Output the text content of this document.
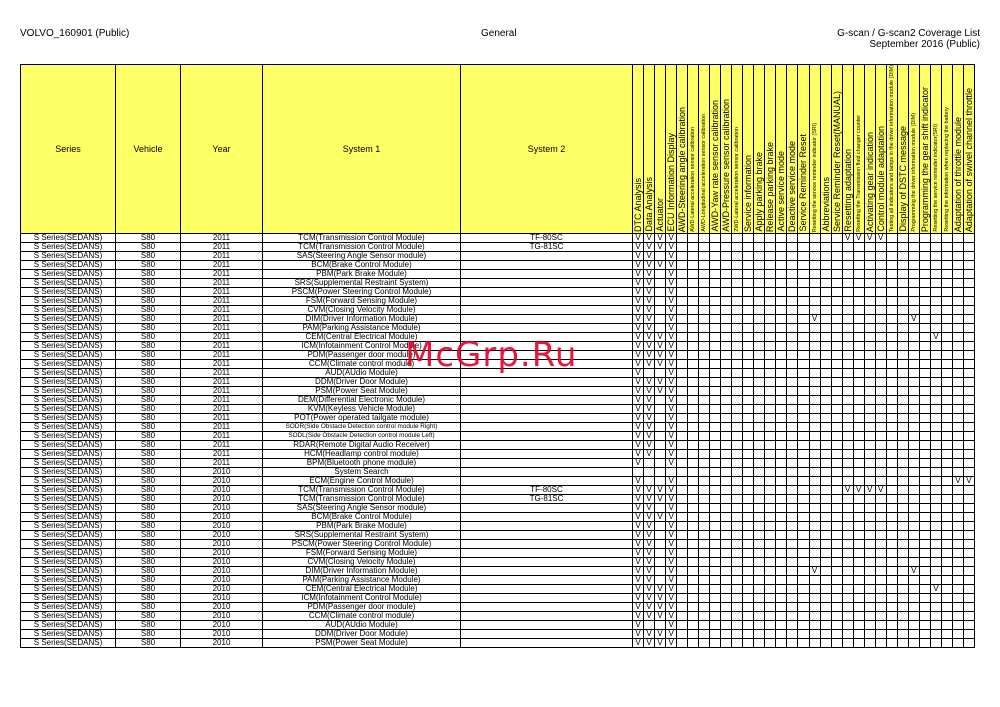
VOLVO_160901 (Public)	General	G-scan / G-scan2 Coverage List
September 2016 (Public)
Series	Vehicle	Year	System 1	System 2	DTC Analysis	Data Analysis	Actuator	ECU Information Display	AWD-Steering angle calibration	AWD-Lateral acceleration sensor calibration	AWD-Longitudinal acceleration sensor calibration	AWD-Yaw rate sensor calibration	AWD-Pressure sensor calibration	2WD-Lateral acceleration sensor calibration	Service information	Apply parking brake	Release parking brake	Active service mode	Deactive service mode	Service Reminder Reset	Resetting the service reminder indicator (SRI)	Abbreviations	Service Reminder Reset(MANUAL)	Resetting adaptation	Resetting the Transmission fluid changer counter	Activating gear indication	Control module adaptation	Testing all indicators and lamps in the driver information module (DIM)	Display of DSTC message	Programming the driver information module (DIM)	Programming the gear shift indicator	Resetting the service reminder indicator(SRI)	Resetting the information when replacing the battery	Adaptation of throttle module	Adaptation of swivel channel throttle
S Series(SEDANS)	S80	2011	TCM(Transmission Control Module)	TF-80SC	V	V	V	V																V	V	V	V								
S Series(SEDANS)	S80	2011	TCM(Transmission Control Module)	TG-81SC	V	V	V	V																											
S Series(SEDANS)	S80	2011	SAS(Steering Angle Sensor module)		V	V		V																											
S Series(SEDANS)	S80	2011	BCM(Brake Control Module)		V	V	V	V																											
S Series(SEDANS)	S80	2011	PBM(Park Brake Module)		V	V		V																											
S Series(SEDANS)	S80	2011	SRS(Supplemental Restraint System)		V	V		V																											
S Series(SEDANS)	S80	2011	PSCM(Power Steering Control Module)		V	V		V																											
S Series(SEDANS)	S80	2011	FSM(Forward Sensing Module)		V	V		V																											
S Series(SEDANS)	S80	2011	CVM(Closing Velocity Module)		V	V		V																											
S Series(SEDANS)	S80	2011	DIM(Driver Information Module)		V	V		V													V									V					
S Series(SEDANS)	S80	2011	PAM(Parking Assistance Module)		V	V		V																											
S Series(SEDANS)	S80	2011	CEM(Central Electrical Module)		V	V	V	V																								V			
S Series(SEDANS)	S80	2011	ICM(Infotainment Control Module)		V	V	V	V																											
S Series(SEDANS)	S80	2011	PDM(Passenger door module)		V	V	V	V																											
S Series(SEDANS)	S80	2011	CCM(Climate control module)		V	V	V	V																											
S Series(SEDANS)	S80	2011	AUD(AUdio Module)		V			V																											
S Series(SEDANS)	S80	2011	DDM(Driver Door Module)		V	V	V	V																											
S Series(SEDANS)	S80	2011	PSM(Power Seat Module)		V	V	V	V																											
S Series(SEDANS)	S80	2011	DEM(Differential Electronic Module)		V	V		V																											
S Series(SEDANS)	S80	2011	KVM(Keyless Vehicle Module)		V	V		V																											
S Series(SEDANS)	S80	2011	POT(Power operated tailgate module)		V	V		V																											
S Series(SEDANS)	S80	2011	SODR(Side Obstacle Detection control module Right)		V	V		V																											
S Series(SEDANS)	S80	2011	SODL(Side Obstacle Detection control module Left)		V	V		V																											
S Series(SEDANS)	S80	2011	RDAR(Remote Digital Audio Receiver)		V	V		V																											
S Series(SEDANS)	S80	2011	HCM(Headlamp control module)		V	V		V																											
S Series(SEDANS)	S80	2011	BPM(Bluetooth phone module)		V			V																											
S Series(SEDANS)	S80	2010	System Search																																
S Series(SEDANS)	S80	2010	ECM(Engine Control Module)		V			V																										V	V
S Series(SEDANS)	S80	2010	TCM(Transmission Control Module)	TF-80SC	V	V	V	V																V	V	V	V								
S Series(SEDANS)	S80	2010	TCM(Transmission Control Module)	TG-81SC	V	V	V	V																											
S Series(SEDANS)	S80	2010	SAS(Steering Angle Sensor module)		V	V		V																											
S Series(SEDANS)	S80	2010	BCM(Brake Control Module)		V	V	V	V																											
S Series(SEDANS)	S80	2010	PBM(Park Brake Module)		V	V		V																											
S Series(SEDANS)	S80	2010	SRS(Supplemental Restraint System)		V	V		V																											
S Series(SEDANS)	S80	2010	PSCM(Power Steering Control Module)		V	V		V																											
S Series(SEDANS)	S80	2010	FSM(Forward Sensing Module)		V	V		V																											
S Series(SEDANS)	S80	2010	CVM(Closing Velocity Module)		V	V		V																											
S Series(SEDANS)	S80	2010	DIM(Driver Information Module)		V	V		V													V									V					
S Series(SEDANS)	S80	2010	PAM(Parking Assistance Module)		V	V		V																											
S Series(SEDANS)	S80	2010	CEM(Central Electrical Module)		V	V	V	V																								V			
S Series(SEDANS)	S80	2010	ICM(Infotainment Control Module)		V	V	V	V																											
S Series(SEDANS)	S80	2010	PDM(Passenger door module)		V	V	V	V																											
S Series(SEDANS)	S80	2010	CCM(Climate control module)		V	V	V	V																											
S Series(SEDANS)	S80	2010	AUD(AUdio Module)		V			V																											
S Series(SEDANS)	S80	2010	DDM(Driver Door Module)		V	V	V	V																											
S Series(SEDANS)	S80	2010	PSM(Power Seat Module)		V	V	V	V																											
McGrp.Ru
